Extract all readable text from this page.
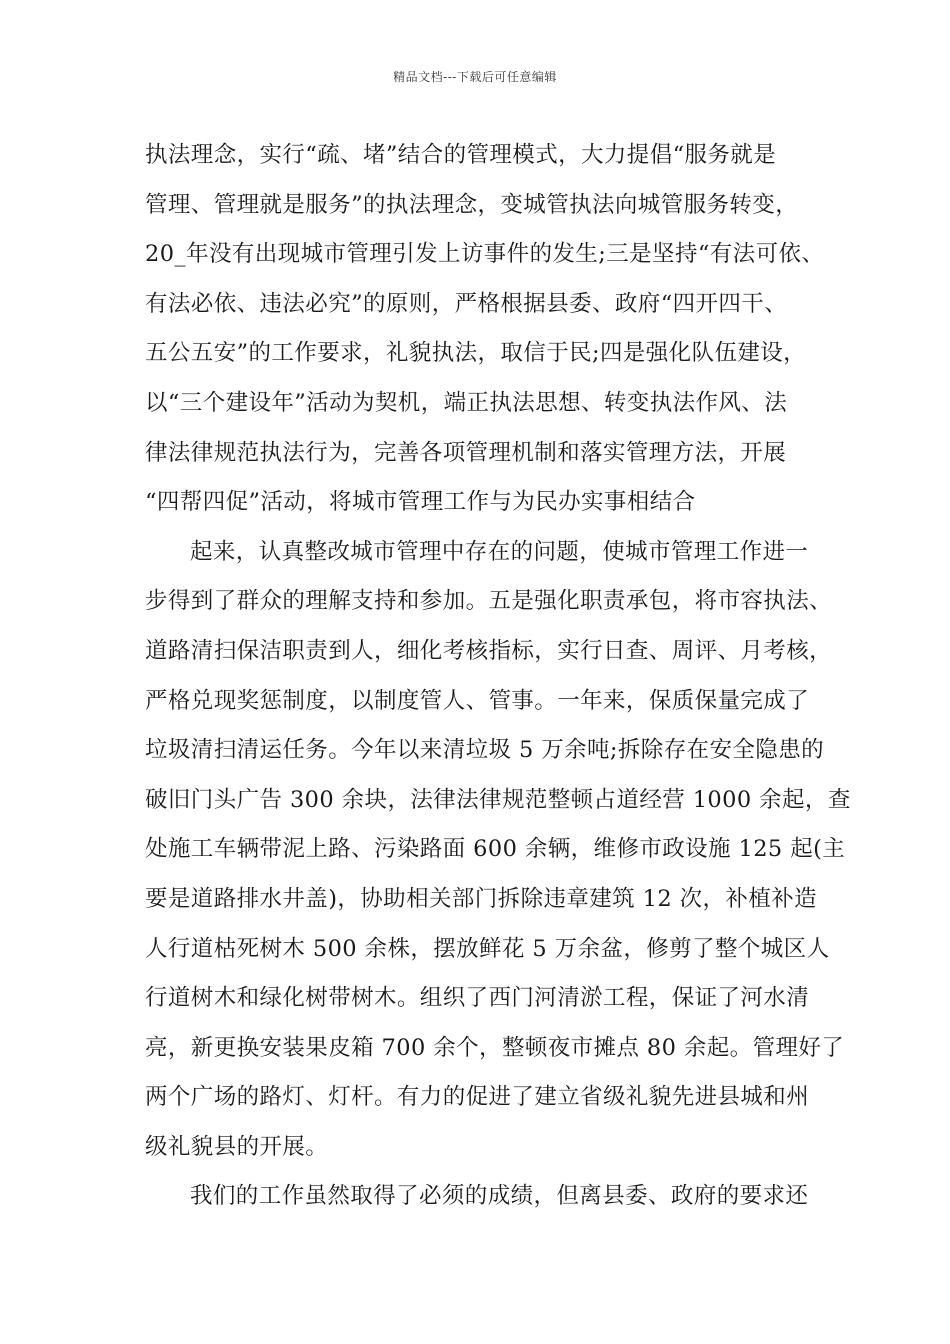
精品文档---下载后可任意编辑
执法理念，实行“疏、堵”结合的管理模式，大力提倡“服务就是
管理、管理就是服务”的执法理念，变城管执法向城管服务转变，
20_年没有出现城市管理引发上访事件的发生;三是坚持“有法可依、
有法必依、违法必究”的原则，严格根据县委、政府“四开四干、
五公五安”的工作要求，礼貌执法，取信于民;四是强化队伍建设，
以“三个建设年”活动为契机，端正执法思想、转变执法作风、法
律法律规范执法行为，完善各项管理机制和落实管理方法，开展
“四帮四促”活动，将城市管理工作与为民办实事相结合
起来，认真整改城市管理中存在的问题，使城市管理工作进一
步得到了群众的理解支持和参加。五是强化职责承包，将市容执法、
道路清扫保洁职责到人，细化考核指标，实行日查、周评、月考核，
严格兑现奖惩制度，以制度管人、管事。一年来，保质保量完成了
垃圾清扫清运任务。今年以来清垃圾 5 万余吨;拆除存在安全隐患的
破旧门头广告 300 余块，法律法律规范整顿占道经营 1000 余起，查
处施工车辆带泥上路、污染路面 600 余辆，维修市政设施 125 起(主
要是道路排水井盖)，协助相关部门拆除违章建筑 12 次，补植补造
人行道枯死树木 500 余株，摆放鲜花 5 万余盆，修剪了整个城区人
行道树木和绿化树带树木。组织了西门河清淤工程，保证了河水清
亮，新更换安装果皮箱 700 余个，整顿夜市摊点 80 余起。管理好了
两个广场的路灯、灯杆。有力的促进了建立省级礼貌先进县城和州
级礼貌县的开展。
我们的工作虽然取得了必须的成绩，但离县委、政府的要求还
